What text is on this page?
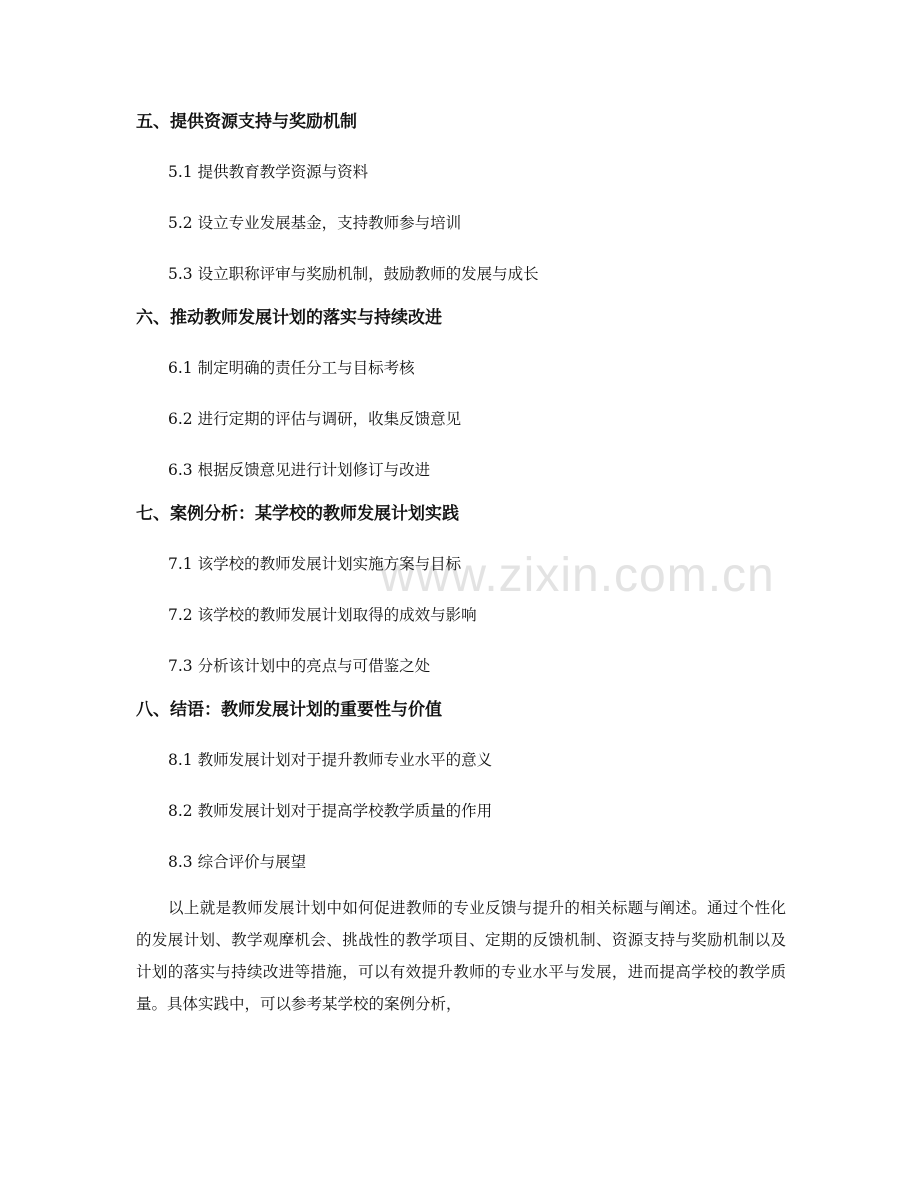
www.zixin.com.cn
五、提供资源支持与奖励机制

5.1 提供教育教学资源与资料

5.2 设立专业发展基金，支持教师参与培训

5.3 设立职称评审与奖励机制，鼓励教师的发展与成长

六、推动教师发展计划的落实与持续改进

6.1 制定明确的责任分工与目标考核

6.2 进行定期的评估与调研，收集反馈意见

6.3 根据反馈意见进行计划修订与改进

七、案例分析：某学校的教师发展计划实践

7.1 该学校的教师发展计划实施方案与目标

7.2 该学校的教师发展计划取得的成效与影响

7.3 分析该计划中的亮点与可借鉴之处

八、结语：教师发展计划的重要性与价值

8.1 教师发展计划对于提升教师专业水平的意义

8.2 教师发展计划对于提高学校教学质量的作用

8.3 综合评价与展望

以上就是教师发展计划中如何促进教师的专业反馈与提升的相关标题与阐述。通过个性化的发展计划、教学观摩机会、挑战性的教学项目、定期的反馈机制、资源支持与奖励机制以及计划的落实与持续改进等措施，可以有效提升教师的专业水平与发展，进而提高学校的教学质量。具体实践中，可以参考某学校的案例分析，
